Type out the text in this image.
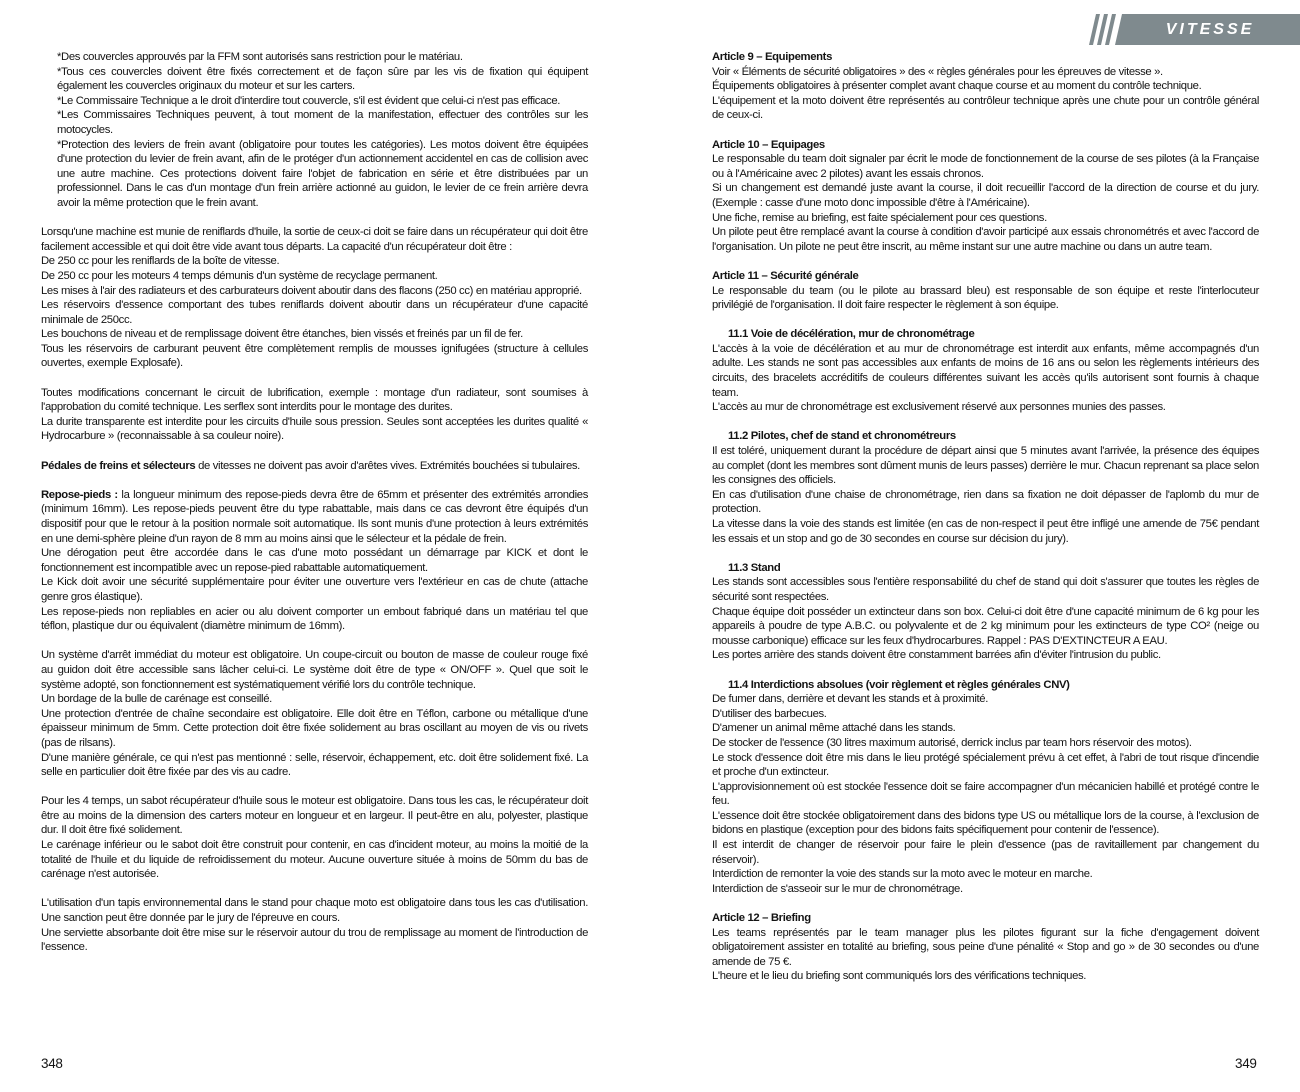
*Des couvercles approuvés par la FFM sont autorisés sans restriction pour le matériau.

*Tous ces couvercles doivent être fixés correctement et de façon sûre par les vis de fixation qui équipent également les couvercles originaux du moteur et sur les carters.

*Le Commissaire Technique a le droit d'interdire tout couvercle, s'il est évident que celui-ci n'est pas efficace.

*Les Commissaires Techniques peuvent, à tout moment de la manifestation, effectuer des contrôles sur les motocycles.

*Protection des leviers de frein avant (obligatoire pour toutes les catégories). Les motos doivent être équipées d'une protection du levier de frein avant, afin de le protéger d'un actionnement accidentel en cas de collision avec une autre machine. Ces protections doivent faire l'objet de fabrication en série et être distribuées par un professionnel. Dans le cas d'un montage d'un frein arrière actionné au guidon, le levier de ce frein arrière devra avoir la même protection que le frein avant.

Lorsqu'une machine est munie de reniflards d'huile, la sortie de ceux-ci doit se faire dans un récupérateur qui doit être facilement accessible et qui doit être vide avant tous départs. La capacité d'un récupérateur doit être :

De 250 cc pour les reniflards de la boîte de vitesse.

De 250 cc pour les moteurs 4 temps démunis d'un système de recyclage permanent.

Les mises à l'air des radiateurs et des carburateurs doivent aboutir dans des flacons (250 cc) en matériau approprié.

Les réservoirs d'essence comportant des tubes reniflards doivent aboutir dans un récupérateur d'une capacité minimale de 250cc.

Les bouchons de niveau et de remplissage doivent être étanches, bien vissés et freinés par un fil de fer.

Tous les réservoirs de carburant peuvent être complètement remplis de mousses ignifugées (structure à cellules ouvertes, exemple Explosafe).

Toutes modifications concernant le circuit de lubrification, exemple : montage d'un radiateur, sont soumises à l'approbation du comité technique. Les serflex sont interdits pour le montage des durites.

La durite transparente est interdite pour les circuits d'huile sous pression. Seules sont acceptées les durites qualité « Hydrocarbure » (reconnaissable à sa couleur noire).

Pédales de freins et sélecteurs de vitesses ne doivent pas avoir d'arêtes vives. Extrémités bouchées si tubulaires.

Repose-pieds : la longueur minimum des repose-pieds devra être de 65mm et présenter des extrémités arrondies (minimum 16mm). Les repose-pieds peuvent être du type rabattable, mais dans ce cas devront être équipés d'un dispositif pour que le retour à la position normale soit automatique. Ils sont munis d'une protection à leurs extrémités en une demi-sphère pleine d'un rayon de 8 mm au moins ainsi que le sélecteur et la pédale de frein.

Une dérogation peut être accordée dans le cas d'une moto possédant un démarrage par KICK et dont le fonctionnement est incompatible avec un repose-pied rabattable automatiquement.

Le Kick doit avoir une sécurité supplémentaire pour éviter une ouverture vers l'extérieur en cas de chute (attache genre gros élastique).

Les repose-pieds non repliables en acier ou alu doivent comporter un embout fabriqué dans un matériau tel que téflon, plastique dur ou équivalent (diamètre minimum de 16mm).

Un système d'arrêt immédiat du moteur est obligatoire. Un coupe-circuit ou bouton de masse de couleur rouge fixé au guidon doit être accessible sans lâcher celui-ci. Le système doit être de type « ON/OFF ». Quel que soit le système adopté, son fonctionnement est systématiquement vérifié lors du contrôle technique.

Un bordage de la bulle de carénage est conseillé.

Une protection d'entrée de chaîne secondaire est obligatoire. Elle doit être en Téflon, carbone ou métallique d'une épaisseur minimum de 5mm. Cette protection doit être fixée solidement au bras oscillant au moyen de vis ou rivets (pas de rilsans).

D'une manière générale, ce qui n'est pas mentionné : selle, réservoir, échappement, etc. doit être solidement fixé. La selle en particulier doit être fixée par des vis au cadre.

Pour les 4 temps, un sabot récupérateur d'huile sous le moteur est obligatoire. Dans tous les cas, le récupérateur doit être au moins de la dimension des carters moteur en longueur et en largeur. Il peut-être en alu, polyester, plastique dur. Il doit être fixé solidement.

Le carénage inférieur ou le sabot doit être construit pour contenir, en cas d'incident moteur, au moins la moitié de la totalité de l'huile et du liquide de refroidissement du moteur. Aucune ouverture située à moins de 50mm du bas de carénage n'est autorisée.

L'utilisation d'un tapis environnemental dans le stand pour chaque moto est obligatoire dans tous les cas d'utilisation. Une sanction peut être donnée par le jury de l'épreuve en cours.

Une serviette absorbante doit être mise sur le réservoir autour du trou de remplissage au moment de l'introduction de l'essence.

348
VITESSE

Article 9 – Equipements

Voir « Éléments de sécurité obligatoires » des « règles générales pour les épreuves de vitesse ».

Équipements obligatoires à présenter complet avant chaque course et au moment du contrôle technique.

L'équipement et la moto doivent être représentés au contrôleur technique après une chute pour un contrôle général de ceux-ci.

Article 10 – Equipages

Le responsable du team doit signaler par écrit le mode de fonctionnement de la course de ses pilotes (à la Française ou à l'Américaine avec 2 pilotes) avant les essais chronos.

Si un changement est demandé juste avant la course, il doit recueillir l'accord de la direction de course et du jury. (Exemple : casse d'une moto donc impossible d'être à l'Américaine).

Une fiche, remise au briefing, est faite spécialement pour ces questions.

Un pilote peut être remplacé avant la course à condition d'avoir participé aux essais chronométrés et avec l'accord de l'organisation. Un pilote ne peut être inscrit, au même instant sur une autre machine ou dans un autre team.

Article 11 – Sécurité générale

Le responsable du team (ou le pilote au brassard bleu) est responsable de son équipe et reste l'interlocuteur privilégié de l'organisation. Il doit faire respecter le règlement à son équipe.

11.1 Voie de décélération, mur de chronométrage

L'accès à la voie de décélération et au mur de chronométrage est interdit aux enfants, même accompagnés d'un adulte. Les stands ne sont pas accessibles aux enfants de moins de 16 ans ou selon les règlements intérieurs des circuits, des bracelets accréditifs de couleurs différentes suivant les accès qu'ils autorisent sont fournis à chaque team.

L'accès au mur de chronométrage est exclusivement réservé aux personnes munies des passes.

11.2 Pilotes, chef de stand et chronométreurs

Il est toléré, uniquement durant la procédure de départ ainsi que 5 minutes avant l'arrivée, la présence des équipes au complet (dont les membres sont dûment munis de leurs passes) derrière le mur. Chacun reprenant sa place selon les consignes des officiels.

En cas d'utilisation d'une chaise de chronométrage, rien dans sa fixation ne doit dépasser de l'aplomb du mur de protection.

La vitesse dans la voie des stands est limitée (en cas de non-respect il peut être infligé une amende de 75€ pendant les essais et un stop and go de 30 secondes en course sur décision du jury).

11.3 Stand

Les stands sont accessibles sous l'entière responsabilité du chef de stand qui doit s'assurer que toutes les règles de sécurité sont respectées.

Chaque équipe doit posséder un extincteur dans son box. Celui-ci doit être d'une capacité minimum de 6 kg pour les appareils à poudre de type A.B.C. ou polyvalente et de 2 kg minimum pour les extincteurs de type CO² (neige ou mousse carbonique) efficace sur les feux d'hydrocarbures. Rappel : PAS D'EXTINCTEUR A EAU.

Les portes arrière des stands doivent être constamment barrées afin d'éviter l'intrusion du public.

11.4 Interdictions absolues (voir règlement et règles générales CNV)

De fumer dans, derrière et devant les stands et à proximité.

D'utiliser des barbecues.

D'amener un animal même attaché dans les stands.

De stocker de l'essence (30 litres maximum autorisé, derrick inclus par team hors réservoir des motos).

Le stock d'essence doit être mis dans le lieu protégé spécialement prévu à cet effet, à l'abri de tout risque d'incendie et proche d'un extincteur.

L'approvisionnement où est stockée l'essence doit se faire accompagner d'un mécanicien habillé et protégé contre le feu.

L'essence doit être stockée obligatoirement dans des bidons type US ou métallique lors de la course, à l'exclusion de bidons en plastique (exception pour des bidons faits spécifiquement pour contenir de l'essence).

Il est interdit de changer de réservoir pour faire le plein d'essence (pas de ravitaillement par changement du réservoir).

Interdiction de remonter la voie des stands sur la moto avec le moteur en marche.

Interdiction de s'asseoir sur le mur de chronométrage.

Article 12 – Briefing

Les teams représentés par le team manager plus les pilotes figurant sur la fiche d'engagement doivent obligatoirement assister en totalité au briefing, sous peine d'une pénalité « Stop and go » de 30 secondes ou d'une amende de 75 €.

L'heure et le lieu du briefing sont communiqués lors des vérifications techniques.

349
